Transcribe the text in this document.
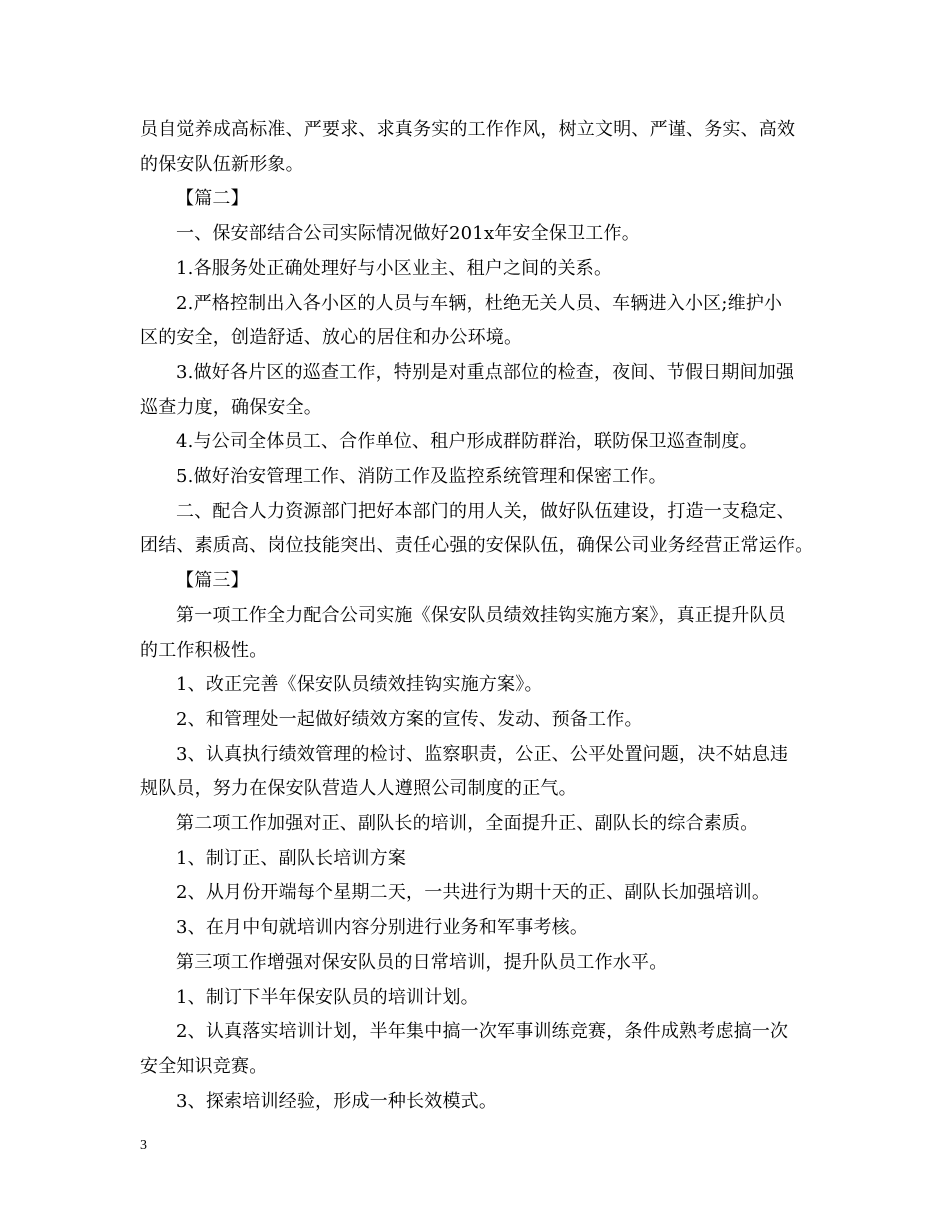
员自觉养成高标准、严要求、求真务实的工作作风，树立文明、严谨、务实、高效

的保安队伍新形象。

【篇二】

一、保安部结合公司实际情况做好201x年安全保卫工作。

1.各服务处正确处理好与小区业主、租户之间的关系。

2.严格控制出入各小区的人员与车辆，杜绝无关人员、车辆进入小区;维护小

区的安全，创造舒适、放心的居住和办公环境。

3.做好各片区的巡查工作，特别是对重点部位的检查，夜间、节假日期间加强

巡查力度，确保安全。

4.与公司全体员工、合作单位、租户形成群防群治，联防保卫巡查制度。

5.做好治安管理工作、消防工作及监控系统管理和保密工作。

二、配合人力资源部门把好本部门的用人关，做好队伍建设，打造一支稳定、

团结、素质高、岗位技能突出、责任心强的安保队伍，确保公司业务经营正常运作。

【篇三】

第一项工作全力配合公司实施《保安队员绩效挂钩实施方案》，真正提升队员

的工作积极性。

1、改正完善《保安队员绩效挂钩实施方案》。

2、和管理处一起做好绩效方案的宣传、发动、预备工作。

3、认真执行绩效管理的检讨、监察职责，公正、公平处置问题，决不姑息违

规队员，努力在保安队营造人人遵照公司制度的正气。

第二项工作加强对正、副队长的培训，全面提升正、副队长的综合素质。

1、制订正、副队长培训方案

2、从月份开端每个星期二天，一共进行为期十天的正、副队长加强培训。

3、在月中旬就培训内容分别进行业务和军事考核。

第三项工作增强对保安队员的日常培训，提升队员工作水平。

1、制订下半年保安队员的培训计划。

2、认真落实培训计划，半年集中搞一次军事训练竞赛，条件成熟考虑搞一次

安全知识竞赛。

3、探索培训经验，形成一种长效模式。

3
